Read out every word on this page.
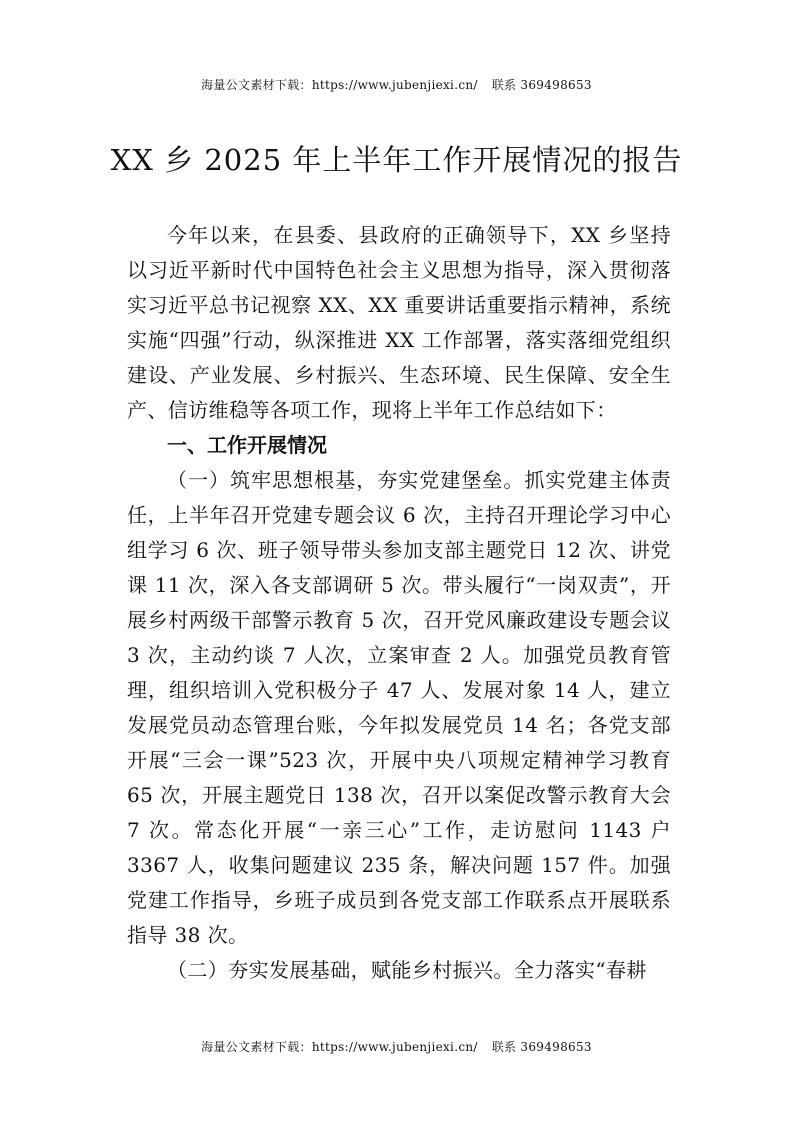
海量公文素材下载：https://www.jubenjiexi.cn/ 联系 369498653
XX 乡 2025 年上半年工作开展情况的报告

今年以来，在县委、县政府的正确领导下，XX 乡坚持以习近平新时代中国特色社会主义思想为指导，深入贯彻落实习近平总书记视察 XX、XX 重要讲话重要指示精神，系统实施“四强”行动，纵深推进 XX 工作部署，落实落细党组织建设、产业发展、乡村振兴、生态环境、民生保障、安全生产、信访维稳等各项工作，现将上半年工作总结如下：

一、工作开展情况

（一）筑牢思想根基，夯实党建堡垒。抓实党建主体责任，上半年召开党建专题会议 6 次，主持召开理论学习中心组学习 6 次、班子领导带头参加支部主题党日 12 次、讲党课 11 次，深入各支部调研 5 次。带头履行“一岗双责”，开展乡村两级干部警示教育 5 次，召开党风廉政建设专题会议 3 次，主动约谈 7 人次，立案审查 2 人。加强党员教育管理，组织培训入党积极分子 47 人、发展对象 14 人，建立发展党员动态管理台账，今年拟发展党员 14 名；各党支部开展“三会一课”523 次，开展中央八项规定精神学习教育 65 次，开展主题党日 138 次，召开以案促改警示教育大会 7 次。常态化开展“一亲三心”工作，走访慰问 1143 户 3367 人，收集问题建议 235 条，解决问题 157 件。加强党建工作指导，乡班子成员到各党支部工作联系点开展联系指导 38 次。

（二）夯实发展基础，赋能乡村振兴。全力落实“春耕

海量公文素材下载：https://www.jubenjiexi.cn/ 联系 369498653
